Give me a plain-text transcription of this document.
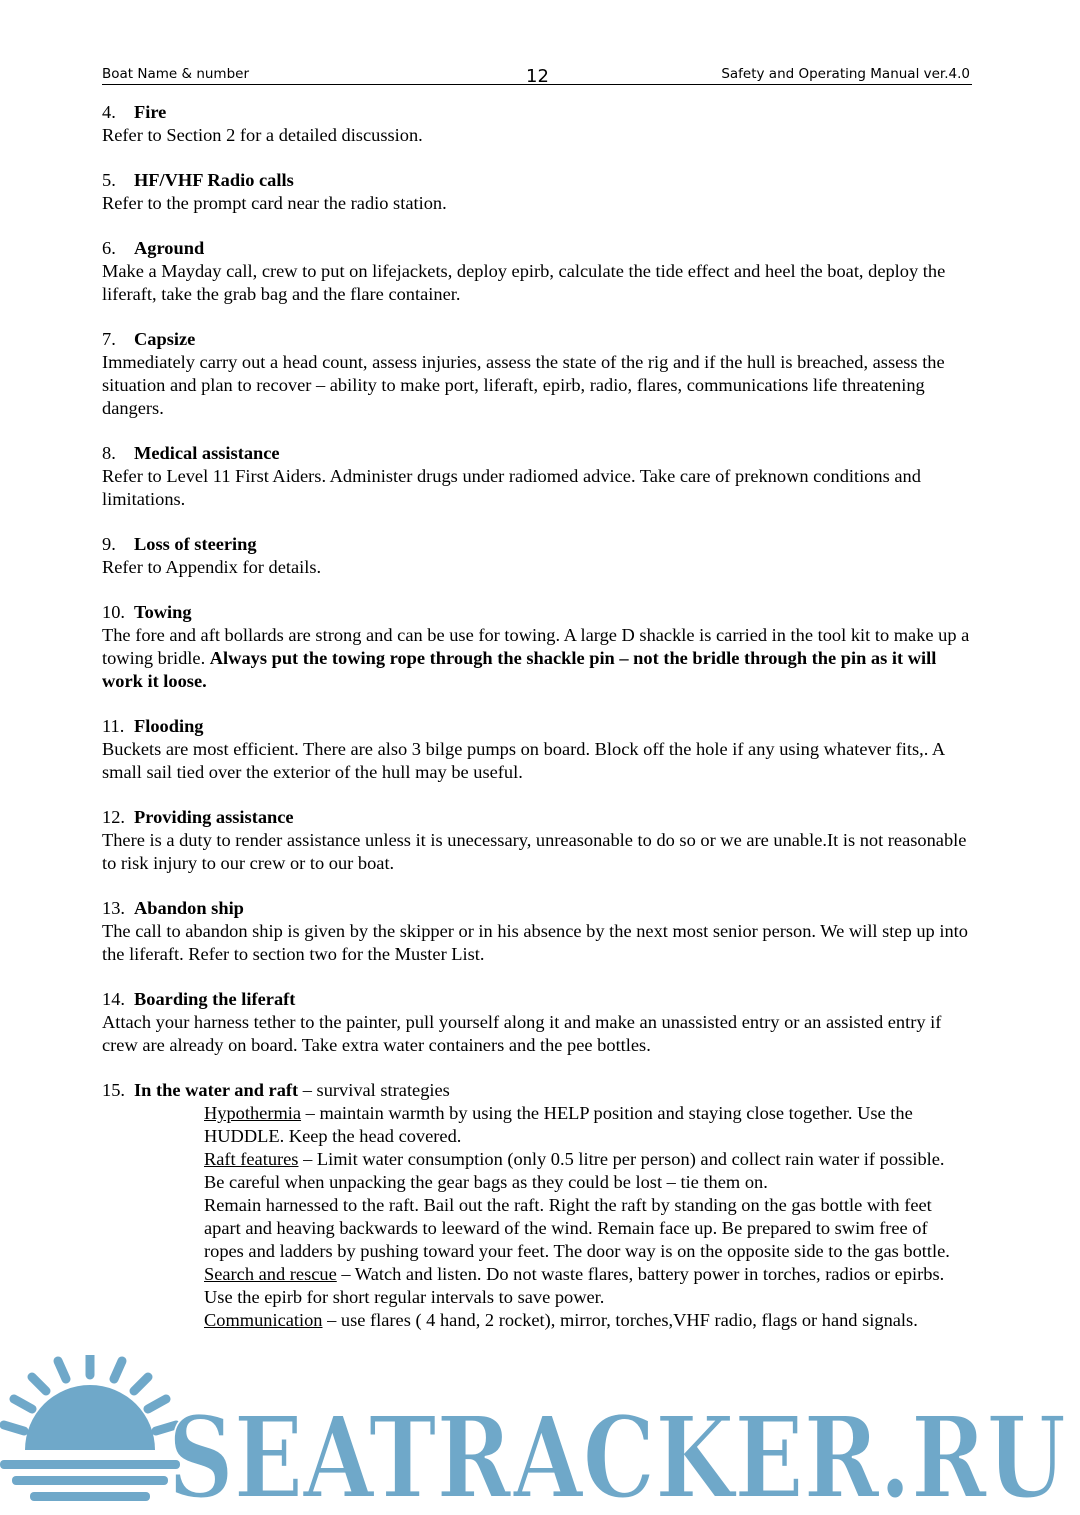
Boat Name & number	12	Safety and Operating Manual ver.4.0
4. Fire
Refer to Section 2 for a detailed discussion.
5. HF/VHF Radio calls
Refer to the prompt card near the radio station.
6. Aground
Make a Mayday call, crew to put on lifejackets, deploy epirb, calculate the tide effect and heel the boat, deploy the liferaft, take the grab bag and the flare container.
7. Capsize
Immediately carry out a head count, assess injuries, assess the state of the rig and if the hull is breached, assess the situation and plan to recover – ability to make port, liferaft, epirb, radio, flares, communications life threatening dangers.
8. Medical assistance
Refer to Level 11 First Aiders. Administer drugs under radiomed advice. Take care of preknown conditions and limitations.
9. Loss of steering
Refer to Appendix for details.
10. Towing
The fore and aft bollards are strong and can be use for towing. A large D shackle is carried in the tool kit to make up a towing bridle. Always put the towing rope through the shackle pin – not the bridle through the pin as it will work it loose.
11. Flooding
Buckets are most efficient. There are also 3 bilge pumps on board. Block off the hole if any using whatever fits,. A small sail tied over the exterior of the hull may be useful.
12. Providing assistance
There is a duty to render assistance unless it is unecessary, unreasonable to do so or we are unable.It is not reasonable to risk injury to our crew or to our boat.
13. Abandon ship
The call to abandon ship is given by the skipper or in his absence by the next most senior person. We will step up into the liferaft. Refer to section two for the Muster List.
14. Boarding the liferaft
Attach your harness tether to the painter, pull yourself along it and make an unassisted entry or an assisted entry if crew are already on board. Take extra water containers and the pee bottles.
15. In the water and raft – survival strategies
Hypothermia – maintain warmth by using the HELP position and staying close together. Use the HUDDLE. Keep the head covered.
Raft features – Limit water consumption (only 0.5 litre per person) and collect rain water if possible.
Be careful when unpacking the gear bags as they could be lost – tie them on.
Remain harnessed to the raft. Bail out the raft. Right the raft by standing on the gas bottle with feet apart and heaving backwards to leeward of the wind. Remain face up. Be prepared to swim free of ropes and ladders by pushing toward your feet. The door way is on the opposite side to the gas bottle.
Search and rescue – Watch and listen. Do not waste flares, battery power in torches, radios or epirbs. Use the epirb for short regular intervals to save power.
Communication – use flares ( 4 hand, 2 rocket), mirror, torches,VHF radio, flags or hand signals.
SEATRACKER.RU
